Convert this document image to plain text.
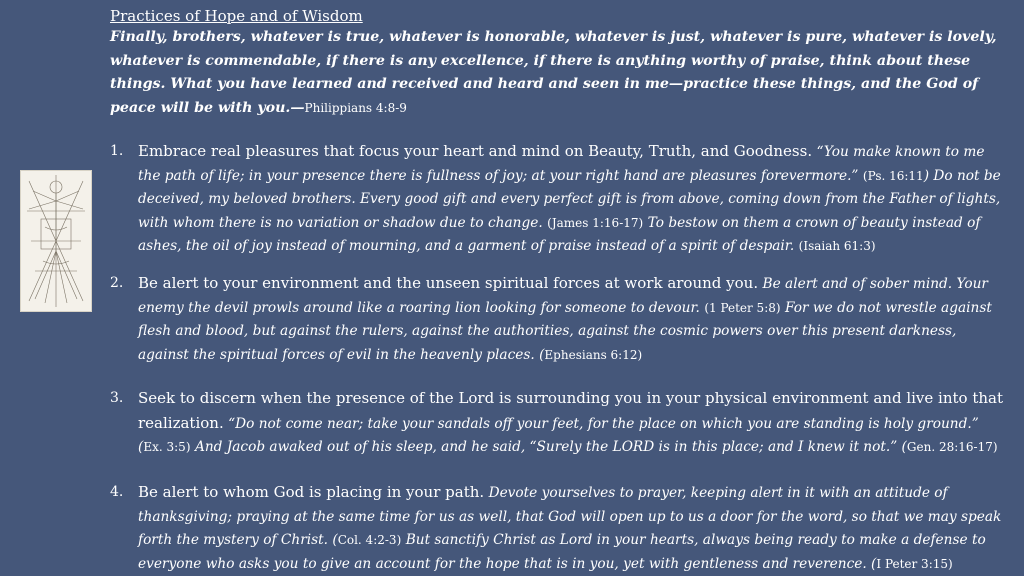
Practices of Hope and of Wisdom
Finally, brothers, whatever is true, whatever is honorable, whatever is just, whatever is pure, whatever is lovely, whatever is commendable, if there is any excellence, if there is anything worthy of praise, think about these things. What you have learned and received and heard and seen in me—practice these things, and the God of peace will be with you.—Philippians 4:8-9
1. Embrace real pleasures that focus your heart and mind on Beauty, Truth, and Goodness. “You make known to me the path of life; in your presence there is fullness of joy; at your right hand are pleasures forevermore.” (Ps. 16:11) Do not be deceived, my beloved brothers. Every good gift and every perfect gift is from above, coming down from the Father of lights, with whom there is no variation or shadow due to change. (James 1:16-17) To bestow on them a crown of beauty instead of ashes, the oil of joy instead of mourning, and a garment of praise instead of a spirit of despair. (Isaiah 61:3)
2. Be alert to your environment and the unseen spiritual forces at work around you. Be alert and of sober mind. Your enemy the devil prowls around like a roaring lion looking for someone to devour. (1 Peter 5:8) For we do not wrestle against flesh and blood, but against the rulers, against the authorities, against the cosmic powers over this present darkness, against the spiritual forces of evil in the heavenly places. (Ephesians 6:12)
3. Seek to discern when the presence of the Lord is surrounding you in your physical environment and live into that realization. “Do not come near; take your sandals off your feet, for the place on which you are standing is holy ground.” (Ex. 3:5) And Jacob awaked out of his sleep, and he said, “Surely the LORD is in this place; and I knew it not.” (Gen. 28:16-17)
4. Be alert to whom God is placing in your path. Devote yourselves to prayer, keeping alert in it with an attitude of thanksgiving; praying at the same time for us as well, that God will open up to us a door for the word, so that we may speak forth the mystery of Christ. (Col. 4:2-3) But sanctify Christ as Lord in your hearts, always being ready to make a defense to everyone who asks you to give an account for the hope that is in you, yet with gentleness and reverence. (I Peter 3:15)
